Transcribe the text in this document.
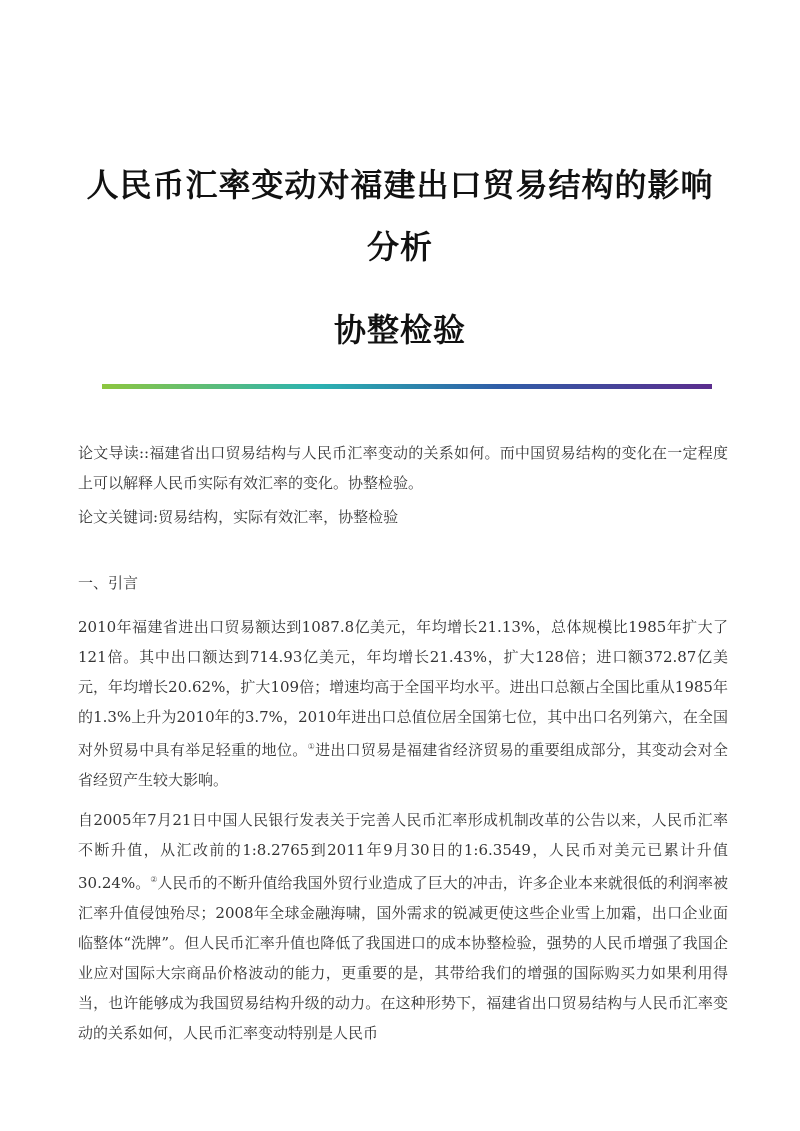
人民币汇率变动对福建出口贸易结构的影响
分析
协整检验

论文导读::福建省出口贸易结构与人民币汇率变动的关系如何。而中国贸易结构的变化在一定程度上可以解释人民币实际有效汇率的变化。协整检验。

论文关键词:贸易结构，实际有效汇率，协整检验

一、引言

2010年福建省进出口贸易额达到1087.8亿美元，年均增长21.13%，总体规模比1985年扩大了121倍。其中出口额达到714.93亿美元，年均增长21.43%，扩大128倍；进口额372.87亿美元，年均增长20.62%，扩大109倍；增速均高于全国平均水平。进出口总额占全国比重从1985年的1.3%上升为2010年的3.7%，2010年进出口总值位居全国第七位，其中出口名列第六，在全国对外贸易中具有举足轻重的地位。①进出口贸易是福建省经济贸易的重要组成部分，其变动会对全省经贸产生较大影响。

自2005年7月21日中国人民银行发表关于完善人民币汇率形成机制改革的公告以来，人民币汇率不断升值，从汇改前的1:8.2765到2011年9月30日的1:6.3549，人民币对美元已累计升值30.24%。②人民币的不断升值给我国外贸行业造成了巨大的冲击，许多企业本来就很低的利润率被汇率升值侵蚀殆尽；2008年全球金融海啸，国外需求的锐减更使这些企业雪上加霜，出口企业面临整体“洗牌”。但人民币汇率升值也降低了我国进口的成本协整检验，强势的人民币增强了我国企业应对国际大宗商品价格波动的能力，更重要的是，其带给我们的增强的国际购买力如果利用得当，也许能够成为我国贸易结构升级的动力。在这种形势下，福建省出口贸易结构与人民币汇率变动的关系如何，人民币汇率变动特别是人民币
